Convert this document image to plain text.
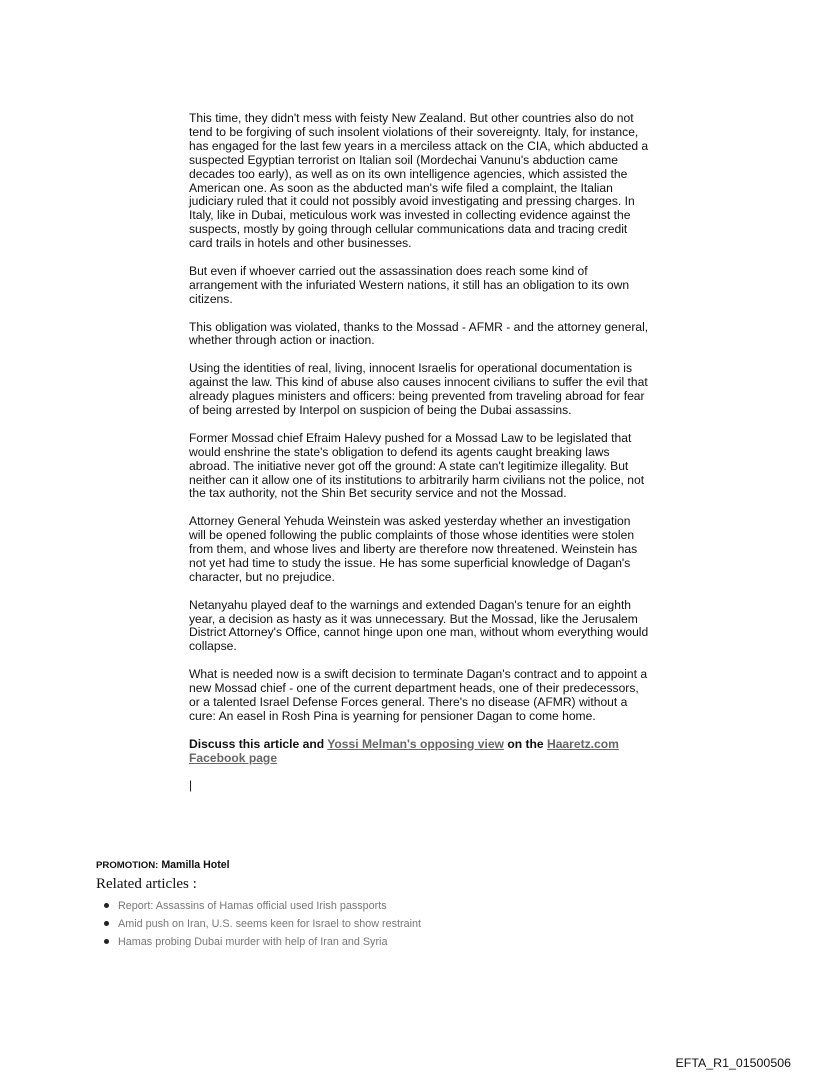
This time, they didn't mess with feisty New Zealand. But other countries also do not tend to be forgiving of such insolent violations of their sovereignty. Italy, for instance, has engaged for the last few years in a merciless attack on the CIA, which abducted a suspected Egyptian terrorist on Italian soil (Mordechai Vanunu's abduction came decades too early), as well as on its own intelligence agencies, which assisted the American one. As soon as the abducted man's wife filed a complaint, the Italian judiciary ruled that it could not possibly avoid investigating and pressing charges. In Italy, like in Dubai, meticulous work was invested in collecting evidence against the suspects, mostly by going through cellular communications data and tracing credit card trails in hotels and other businesses.

But even if whoever carried out the assassination does reach some kind of arrangement with the infuriated Western nations, it still has an obligation to its own citizens.

This obligation was violated, thanks to the Mossad - AFMR - and the attorney general, whether through action or inaction.

Using the identities of real, living, innocent Israelis for operational documentation is against the law. This kind of abuse also causes innocent civilians to suffer the evil that already plagues ministers and officers: being prevented from traveling abroad for fear of being arrested by Interpol on suspicion of being the Dubai assassins.

Former Mossad chief Efraim Halevy pushed for a Mossad Law to be legislated that would enshrine the state's obligation to defend its agents caught breaking laws abroad. The initiative never got off the ground: A state can't legitimize illegality. But neither can it allow one of its institutions to arbitrarily harm civilians not the police, not
the tax authority, not the Shin Bet security service and not the Mossad.

Attorney General Yehuda Weinstein was asked yesterday whether an investigation will be opened following the public complaints of those whose identities were stolen from them, and whose lives and liberty are therefore now threatened. Weinstein has not yet had time to study the issue. He has some superficial knowledge of Dagan's character, but no prejudice.

Netanyahu played deaf to the warnings and extended Dagan's tenure for an eighth year, a decision as hasty as it was unnecessary. But the Mossad, like the Jerusalem District Attorney's Office, cannot hinge upon one man, without whom everything would collapse.

What is needed now is a swift decision to terminate Dagan's contract and to appoint a new Mossad chief - one of the current department heads, one of their predecessors, or a talented Israel Defense Forces general. There's no disease (AFMR) without a cure: An easel in Rosh Pina is yearning for pensioner Dagan to come home.

Discuss this article and Yossi Melman's opposing view on the Haaretz.com Facebook page

|
PROMOTION: Mamilla Hotel
Related articles :
Report: Assassins of Hamas official used Irish passports
Amid push on Iran, U.S. seems keen for Israel to show restraint
Hamas probing Dubai murder with help of Iran and Syria
EFTA_R1_01500506
